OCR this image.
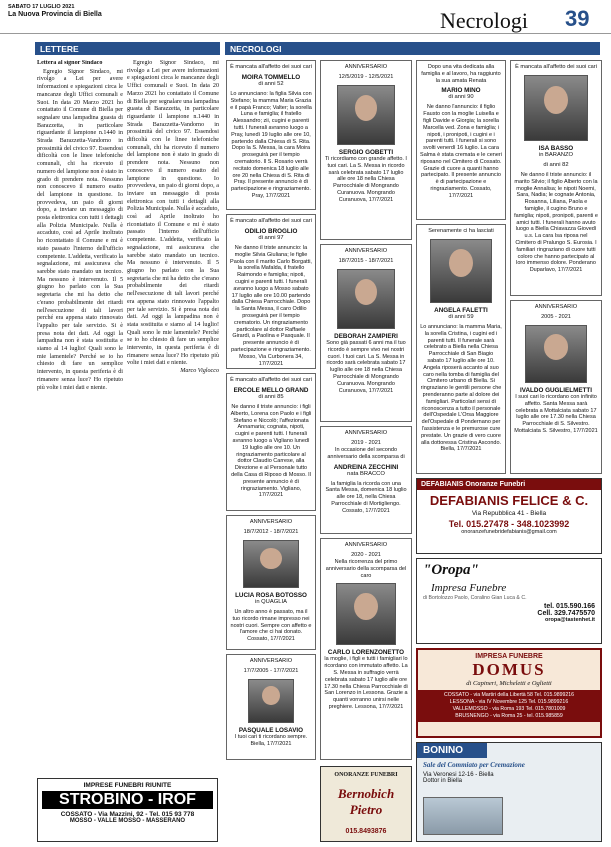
SABATO 17 LUGLIO 2021
La Nuova Provincia di Biella	Necrologi 39
LETTERE	NECROLOGI
Lettera al signor Sindaco

Egregio Signor Sindaco, mi rivolgo a Lei per avere informazioni e spiegazioni circa le mancanze degli Uffici comunali e Suoi. In data 20 Marzo 2021 ho contattato il Comune di Biella per segnalare una lampadina guasta di Barazzetta, in particolare riguardante il lampione n.1440 in Strada Barazzetta-Vandorno in prossimità del civico 97. Essendosi dificoltà con le linee telefoniche comunali, chi ha ricevuto il numero del lampione non è stato in grado di prendere nota. Nessuno non conoscevo il numero esatto del lampione in questione. Io provvedeva, un paio di giorni dopo, a inviare un messaggio di posta elettronica con tutti i dettagli alla Polizia Municipale. Nulla è accaduto, così ad Aprile inoltrato ho ricontattato il Comune e mi è stato passato l'interno dell'ufficio competente. L'addetta, verificato la segnalazione, mi assicurava che sarebbe stato mandato un tecnico. Ma nessuno è intervenuto. Il 5 giugno ho parlato con la Sua segretaria che mi ha detto che c'erano probabilmente dei ritardi nell'esecuzione di tali lavori perché era appena stato rinnovato l'appalto per tale servizio. Si è presa nota dei dati. Ad oggi la lampadina non è stata sostituita e siamo al 14 luglio! Quali sono le mie lamentele? Perché se io ho chiesto di fare un semplice intervento, in questa periferia è di rimanere senza luce? Ho ripetuto più volte i miei dati e niente.

Egregio Signor Sindaco, mi rivolgo a Lei per avere informazioni e spiegazioni circa le mancanze degli Uffici comunali e Suoi. In data 20 Marzo 2021 ho contattato il Comune di Biella per segnalare una lampadina guasta di Barazzetta, in particolare riguardante il lampione n.1440 in Strada Barazzetta-Vandorno in prossimità del civico 97. Essendosi dificoltà con le linee telefoniche comunali, chi ha ricevuto il numero del lampione non è stato in grado di prendere nota. Nessuno non conoscevo il numero esatto del lampione in questione. Io provvedeva, un paio di giorni dopo, a inviare un messaggio di posta elettronica con tutti i dettagli alla Polizia Municipale. Nulla è accaduto, così ad Aprile inoltrato ho ricontattato il Comune e mi è stato passato l'interno dell'ufficio competente. L'addetta, verificato la segnalazione, mi assicurava che sarebbe stato mandato un tecnico. Ma nessuno è intervenuto. Il 5 giugno ho parlato con la Sua segretaria che mi ha detto che c'erano probabilmente dei ritardi nell'esecuzione di tali lavori perché era appena stato rinnovato l'appalto per tale servizio. Si è presa nota dei dati. Ad oggi la lampadina non è stata sostituita e siamo al 14 luglio! Quali sono le mie lamentele? Perché se io ho chiesto di fare un semplice intervento, in questa periferia è di rimanere senza luce? Ho ripetuto più volte i miei dati e niente.

Marco Viglocco
È mancata all'affetto dei suoi cari
MOIRA TOMMELLO
di anni 52
Lo annunciano: la figlia Silvia con Stefano; la mamma Maria Grazia e il papà Franco; Valter; la sorella Luna e famiglia; il fratello Alessandro; zii, cugini e parenti tutti. I funerali avranno luogo a Pray, lunedì 19 luglio alle ore 10, partendo dalla Chiesa di S. Rita. Dopo la S. Messa, la cara Moira proseguirà per il tempio crematorio. Il S. Rosario verrà recitato domenica 18 luglio alle ore 20 nella Chiesa di S. Rita di Pray. Il presente annuncio è di partecipazione e ringraziamento. Pray, 17/7/2021
È mancato all'affetto dei suoi cari
ODILIO BROGLIO
di anni 97
Ne danno il triste annuncio: la moglie Silvia Giuliana; le figlie Paola con il marito Carlo Borgatti, la sorella Mafalda, il fratello Raimondo e famiglia; nipoti, cugini e parenti tutti. I funerali avranno luogo a Mosso sabato 17 luglio alle ore 10.00 partendo dalla Chiesa Parrocchiale. Dopo la Santa Messa, il caro Odilio proseguirà per il tempio crematorio. Un ringraziamento particolare al dottor Raffaele Girardi, a Paolina e Pasquale. Il presente annuncio è di partecipazione e ringraziamento. Mosso, Via Curbonera 34, 17/7/2021
È mancato all'affetto dei suoi cari
ERCOLE MELLO GRAND
di anni 85
Ne danno il triste annuncio: i figli Alberto, Lorena con Paolo e i figli Stefano e Niccolò; l'affezionata Annamaria; cognata, nipoti, cugini e parenti tutti. I funerali avranno luogo a Vigliano lunedì 19 luglio alle ore 10. Un ringraziamento particolare al dottor Claudio Carrese, alla Direzione e al Personale tutto della Casa di Riposo di Mosso. Il presente annuncio è di ringraziamento. Vigliano, 17/7/2021
ANNIVERSARIO
18/7/2012 - 18/7/2021
LUCIA ROSA BOTOSSO
in QUAGLIA
Un altro anno è passato, ma il tuo ricordo rimane impresso nei nostri cuori. Sempre con affetto e l'amore che ci hai donato. Cossato, 17/7/2021
ANNIVERSARIO
17/7/2005 - 17/7/2021
PASQUALE LOSAVIO
I tuoi cari ti ricordano sempre. Biella, 17/7/2021
ANNIVERSARIO
12/5/2019 - 12/5/2021
SERGIO GOBETTI
Ti ricordiamo con grande affetto. I tuoi cari. La S. Messa in ricordo sarà celebrata sabato 17 luglio alle ore 18 nella Chiesa Parrocchiale di Mongrando Curanuova. Mongrando Curanuova, 17/7/2021
ANNIVERSARIO
18/7/2015 - 18/7/2021
DEBORAH ZAMPIERI
Sono già passati 6 anni ma il tuo ricordo è sempre vivo nei nostri cuori. I tuoi cari. La S. Messa in ricordo sarà celebrata sabato 17 luglio alle ore 18 nella Chiesa Parrocchiale di Mongrando Curanuova. Mongrando Curanuova, 17/7/2021
ANNIVERSARIO
2019 - 2021
In occasione del secondo anniversario della scomparsa di
ANDREINA ZECCHINI
nata BRACCO
la famiglia la ricorda con una Santa Messa, domenica 18 luglio alle ore 18, nella Chiesa Parrocchiale di Mortigliengo. Cossato, 17/7/2021
ANNIVERSARIO
2020 - 2021
Nella ricorrenza del primo anniversario della scomparsa del caro
CARLO LORENZONETTO
la moglie, i figli e tutti i famigliari lo ricordano con immutato affetto. La S. Messa in suffragio verrà celebrata sabato 17 luglio alle ore 17.30 nella Chiesa Parrocchiale di San Lorenzo in Lessona. Grazie a quanti vorranno unirsi nelle preghiere. Lessona, 17/7/2021
Dopo una vita dedicata alla famiglia e al lavoro, ha raggiunto la sua amata Renata
MARIO MINO
di anni 90
Ne danno l'annuncio: il figlio Fausto con la moglie Luisella e figli Davide e Giorgia; la sorella Marcella ved. Zona e famiglia; i nipoti, i pronipoti, i cugini e i parenti tutti. I funerali si sono svolti venerdì 16 luglio. La cara Salma è stata cremata e le ceneri riposano nel Cimitero di Cossato. Grazie di cuore a quanti hanno partecipato. Il presente annuncio è di partecipazione e ringraziamento. Cossato, 17/7/2021
Serenamente ci ha lasciati
ANGELA FALETTI
di anni 59
Lo annunciano: la mamma Maria, la sorella Cristina, i cugini ed i parenti tutti. Il funerale sarà celebrato a Biella nella Chiesa Parrocchiale di San Biagio sabato 17 luglio alle ore 10. Angela riposerà accanto al suo caro nella tomba di famiglia del Cimitero urbano di Biella. Si ringraziano le gentili persone che prenderanno parte al dolore dei famigliari. Particolari sensi di riconoscenza a tutto il personale dell'Ospedale L'Orsa Maggiore del'Ospedale di Pondernano per l'assistenza e le premurose cure prestate. Un grazie di vero cuore alla dottoressa Cristina Ascondo. Biella, 17/7/2021
È mancata all'affetto dei suoi cari
ISA BASSO
in BARANZO
di anni 82
Ne danno il triste annuncio: il marito Silvio; il figlio Alberto con la moglie Annalisa; le nipoti Noemi, Sara, Nadia; le cognate Antonia, Rosanna, Liliana, Paola e famiglie, il cugino Bruno e famiglia; nipoti, pronipoti, parenti e amici tutti. I funerali hanno avuto luogo a Biella Chiavazza Giovedì u.s. La cara Isa riposa nel Cimitero di Pralungo S. Eurosia. I familiari ringraziano di cuore tutti coloro che hanno partecipato al loro immenso dolore. Ponderano Duparlavo, 17/7/2021
ANNIVERSARIO
2005 - 2021
IVALDO GUGLIELMETTI
I suoi cari lo ricordano con infinito affetto. Santa Messa sarà celebrata a Mottalciata sabato 17 luglio alle ore 17.30 nella Chiesa Parrocchiale di S. Silvestro. Mottalciata S. Silvestro, 17/7/2021
DEFABIANIS Onoranze Funebri
DEFABIANIS FELICE & C.
Via Repubblica 41 - Biella
Tel. 015.27478 - 348.1023992
onoranzefunebridefabianis@gmail.com
"Oropa"
Impresa Funebre
di Bortolozzo Paolo, Coralino Gian Luca & C.
tel. 015.590.166
Cell. 329.7475570
oropa@tastenhet.it
IMPRESA FUNEBRE
DOMUS
di Capineri, Micheletti e Oglietti
COSSATO - via Martiri della Libertà 58 Tel. 015.9899216
LESSONA - via IV Novembre 125 Tel. 015.9899216
VALLEMOSSO - via Roma 193 Tel. 015.7801009
BRUSNENGO - via Roma 25 - tel. 015.985859
IMPRESE FUNEBRI RIUNITE
STROBINO - IROF
COSSATO - Via Mazzini, 92 - Tel. 015 93 778
MOSSO - VALLE MOSSO - MASSERANO
ONORANZE FUNEBRI
Bernobich Pietro
015.8493876
BONINO
Sale del Commiato per Cremazione
Via Veronesi 12-16 - Biella
Dottor in Biella
